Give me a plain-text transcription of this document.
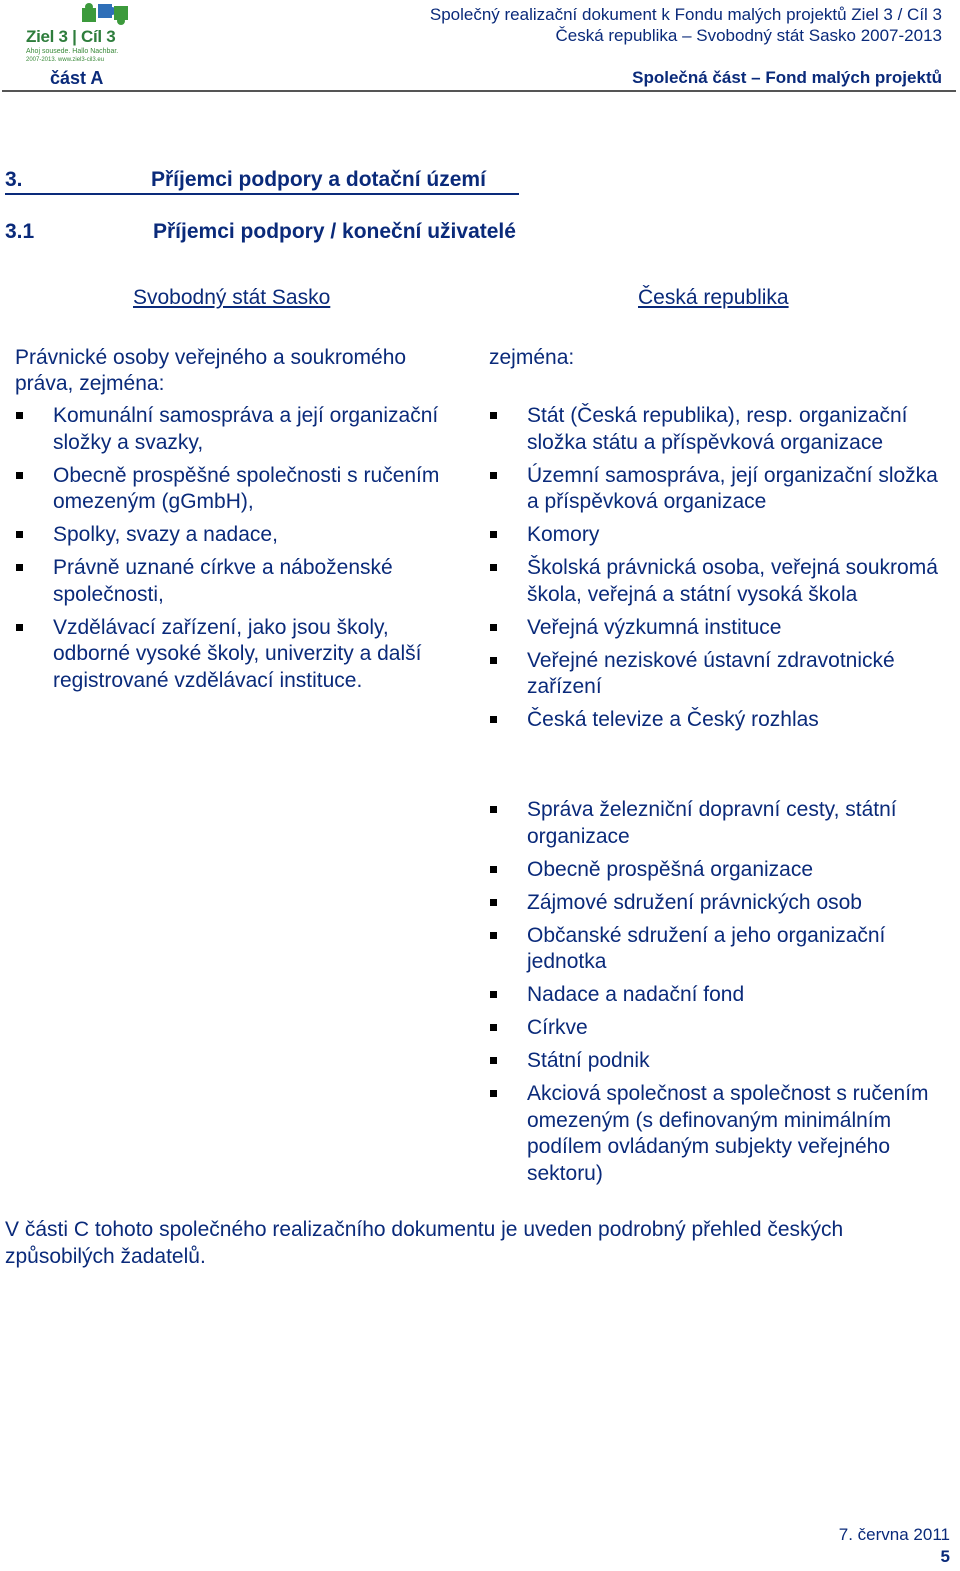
Ziel 3 | Cíl 3
Ahoj sousede. Hallo Nachbar.
2007-2013. www.ziel3-cil3.eu
Společný realizační dokument k Fondu malých projektů Ziel 3 / Cíl 3
Česká republika – Svobodný stát Sasko 2007-2013
část A	Společná část – Fond malých projektů
3.	Příjemci podpory a dotační území
3.1	Příjemci podpory / koneční uživatelé
Svobodný stát Sasko	Česká republika
Právnické osoby veřejného a soukromého práva, zejména:
Komunální samospráva a její organizační složky a svazky,
Obecně prospěšné společnosti s ručením omezeným (gGmbH),
Spolky, svazy a nadace,
Právně uznané církve a náboženské společnosti,
Vzdělávací zařízení, jako jsou školy, odborné vysoké školy, univerzity a další registrované vzdělávací instituce.
zejména:
Stát (Česká republika), resp. organizační složka státu a příspěvková organizace
Územní samospráva, její organizační složka a příspěvková organizace
Komory
Školská právnická osoba, veřejná soukromá škola, veřejná a státní vysoká škola
Veřejná výzkumná instituce
Veřejné neziskové ústavní zdravotnické zařízení
Česká televize a Český rozhlas
Správa železniční dopravní cesty, státní organizace
Obecně prospěšná organizace
Zájmové sdružení právnických osob
Občanské sdružení a jeho organizační jednotka
Nadace a nadační fond
Církve
Státní podnik
Akciová společnost a společnost s ručením omezeným (s definovaným minimálním podílem ovládaným subjekty veřejného sektoru)
V části C tohoto společného realizačního dokumentu je uveden podrobný přehled českých způsobilých žadatelů.
7. června 2011
5
